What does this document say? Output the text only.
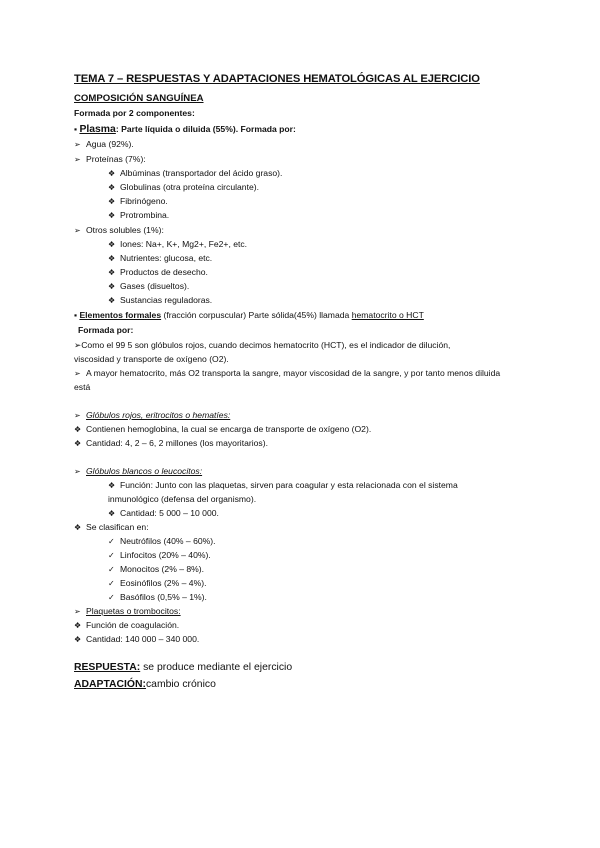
TEMA 7 – RESPUESTAS Y ADAPTACIONES HEMATOLÓGICAS AL EJERCICIO
COMPOSICIÓN SANGUÍNEA
Formada por 2 componentes:
▪ Plasma: Parte líquida o diluida (55%). Formada por:
➢ Agua (92%).
➢ Proteínas (7%):
❖ Albúminas (transportador del ácido graso).
❖ Globulinas (otra proteína circulante).
❖ Fibrinógeno.
❖ Protrombina.
➢ Otros solubles (1%):
❖ Iones: Na+, K+, Mg2+, Fe2+, etc.
❖ Nutrientes: glucosa, etc.
❖ Productos de desecho.
❖ Gases (disueltos).
❖ Sustancias reguladoras.
▪ Elementos formales (fracción corpuscular) Parte sólida(45%) llamada hematocrito o HCT
Formada por:
➢Como el 99 5 son glóbulos rojos, cuando decimos hematocrito (HCT), es el indicador de dilución,
viscosidad y transporte de oxígeno (O2).
➢ A mayor hematocrito, más O2 transporta la sangre, mayor viscosidad de la sangre, y por tanto menos diluida
está
➢ Glóbulos rojos, eritrocitos o hematíes:
❖ Contienen hemoglobina, la cual se encarga de transporte de oxígeno (O2).
❖ Cantidad: 4, 2 – 6, 2 millones (los mayoritarios).
➢ Glóbulos blancos o leucocitos:
❖ Función: Junto con las plaquetas, sirven para coagular y esta relacionada con el sistema
inmunológico (defensa del organismo).
❖ Cantidad: 5 000 – 10 000.
❖ Se clasifican en:
✓ Neutrófilos (40% – 60%).
✓ Linfocitos (20% – 40%).
✓ Monocitos (2% – 8%).
✓ Eosinófilos (2% – 4%).
✓ Basófilos (0,5% – 1%).
➢ Plaquetas o trombocitos:
❖ Función de coagulación.
❖ Cantidad: 140 000 – 340 000.
RESPUESTA: se produce mediante el ejercicio
ADAPTACIÓN:cambio crónico
